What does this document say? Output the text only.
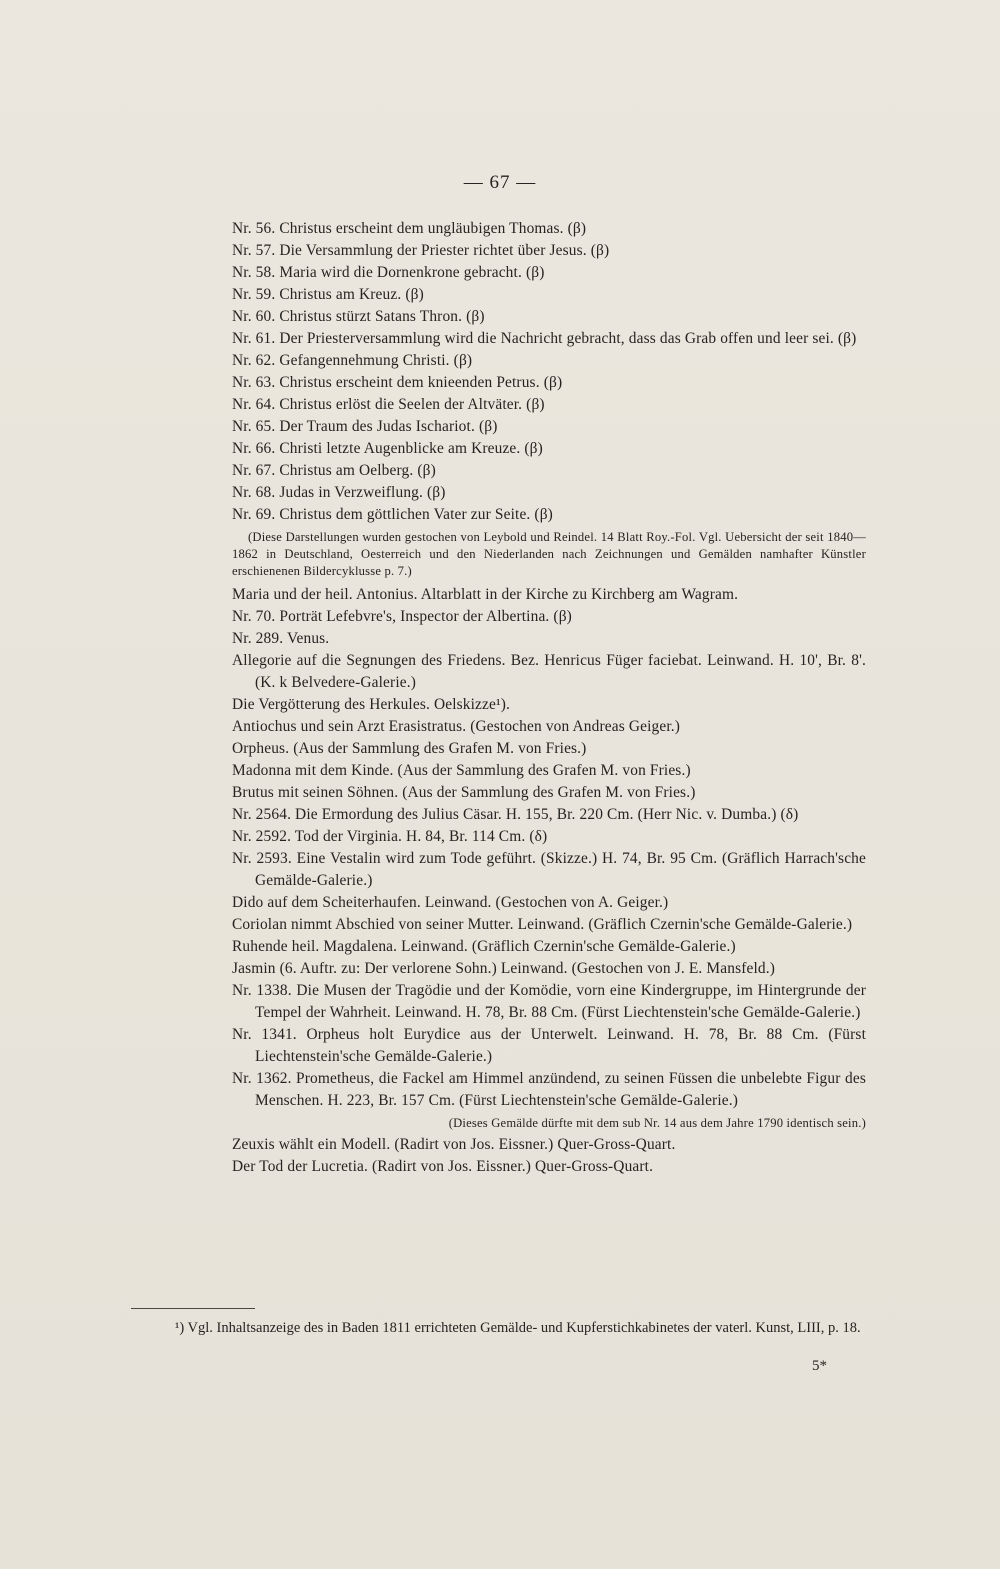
— 67 —

Nr. 56. Christus erscheint dem ungläubigen Thomas. (β)

Nr. 57. Die Versammlung der Priester richtet über Jesus. (β)

Nr. 58. Maria wird die Dornenkrone gebracht. (β)

Nr. 59. Christus am Kreuz. (β)

Nr. 60. Christus stürzt Satans Thron. (β)

Nr. 61. Der Priesterversammlung wird die Nachricht gebracht, dass das Grab offen und leer sei. (β)

Nr. 62. Gefangennehmung Christi. (β)

Nr. 63. Christus erscheint dem knieenden Petrus. (β)

Nr. 64. Christus erlöst die Seelen der Altväter. (β)

Nr. 65. Der Traum des Judas Ischariot. (β)

Nr. 66. Christi letzte Augenblicke am Kreuze. (β)

Nr. 67. Christus am Oelberg. (β)

Nr. 68. Judas in Verzweiflung. (β)

Nr. 69. Christus dem göttlichen Vater zur Seite. (β)

(Diese Darstellungen wurden gestochen von Leybold und Reindel. 14 Blatt Roy.-Fol. Vgl. Uebersicht der seit 1840—1862 in Deutschland, Oesterreich und den Niederlanden nach Zeichnungen und Gemälden namhafter Künstler erschienenen Bildercyklusse p. 7.)

Maria und der heil. Antonius. Altarblatt in der Kirche zu Kirchberg am Wagram.

Nr. 70. Porträt Lefebvre's, Inspector der Albertina. (β)

Nr. 289. Venus.

Allegorie auf die Segnungen des Friedens. Bez. Henricus Füger faciebat. Leinwand. H. 10', Br. 8'. (K. k Belvedere-Galerie.)

Die Vergötterung des Herkules. Oelskizze¹).

Antiochus und sein Arzt Erasistratus. (Gestochen von Andreas Geiger.)

Orpheus. (Aus der Sammlung des Grafen M. von Fries.)

Madonna mit dem Kinde. (Aus der Sammlung des Grafen M. von Fries.)

Brutus mit seinen Söhnen. (Aus der Sammlung des Grafen M. von Fries.)

Nr. 2564. Die Ermordung des Julius Cäsar. H. 155, Br. 220 Cm. (Herr Nic. v. Dumba.) (δ)

Nr. 2592. Tod der Virginia. H. 84, Br. 114 Cm. (δ)

Nr. 2593. Eine Vestalin wird zum Tode geführt. (Skizze.) H. 74, Br. 95 Cm. (Gräflich Harrach'sche Gemälde-Galerie.)

Dido auf dem Scheiterhaufen. Leinwand. (Gestochen von A. Geiger.)

Coriolan nimmt Abschied von seiner Mutter. Leinwand. (Gräflich Czernin'sche Gemälde-Galerie.)

Ruhende heil. Magdalena. Leinwand. (Gräflich Czernin'sche Gemälde-Galerie.)

Jasmin (6. Auftr. zu: Der verlorene Sohn.) Leinwand. (Gestochen von J. E. Mansfeld.)

Nr. 1338. Die Musen der Tragödie und der Komödie, vorn eine Kindergruppe, im Hintergrunde der Tempel der Wahrheit. Leinwand. H. 78, Br. 88 Cm. (Fürst Liechtenstein'sche Gemälde-Galerie.)

Nr. 1341. Orpheus holt Eurydice aus der Unterwelt. Leinwand. H. 78, Br. 88 Cm. (Fürst Liechtenstein'sche Gemälde-Galerie.)

Nr. 1362. Prometheus, die Fackel am Himmel anzündend, zu seinen Füssen die unbelebte Figur des Menschen. H. 223, Br. 157 Cm. (Fürst Liechtenstein'sche Gemälde-Galerie.)

(Dieses Gemälde dürfte mit dem sub Nr. 14 aus dem Jahre 1790 identisch sein.)

Zeuxis wählt ein Modell. (Radirt von Jos. Eissner.) Quer-Gross-Quart.

Der Tod der Lucretia. (Radirt von Jos. Eissner.) Quer-Gross-Quart.

¹) Vgl. Inhaltsanzeige des in Baden 1811 errichteten Gemälde- und Kupferstichkabinetes der vaterl. Kunst, LIII, p. 18.

5*
